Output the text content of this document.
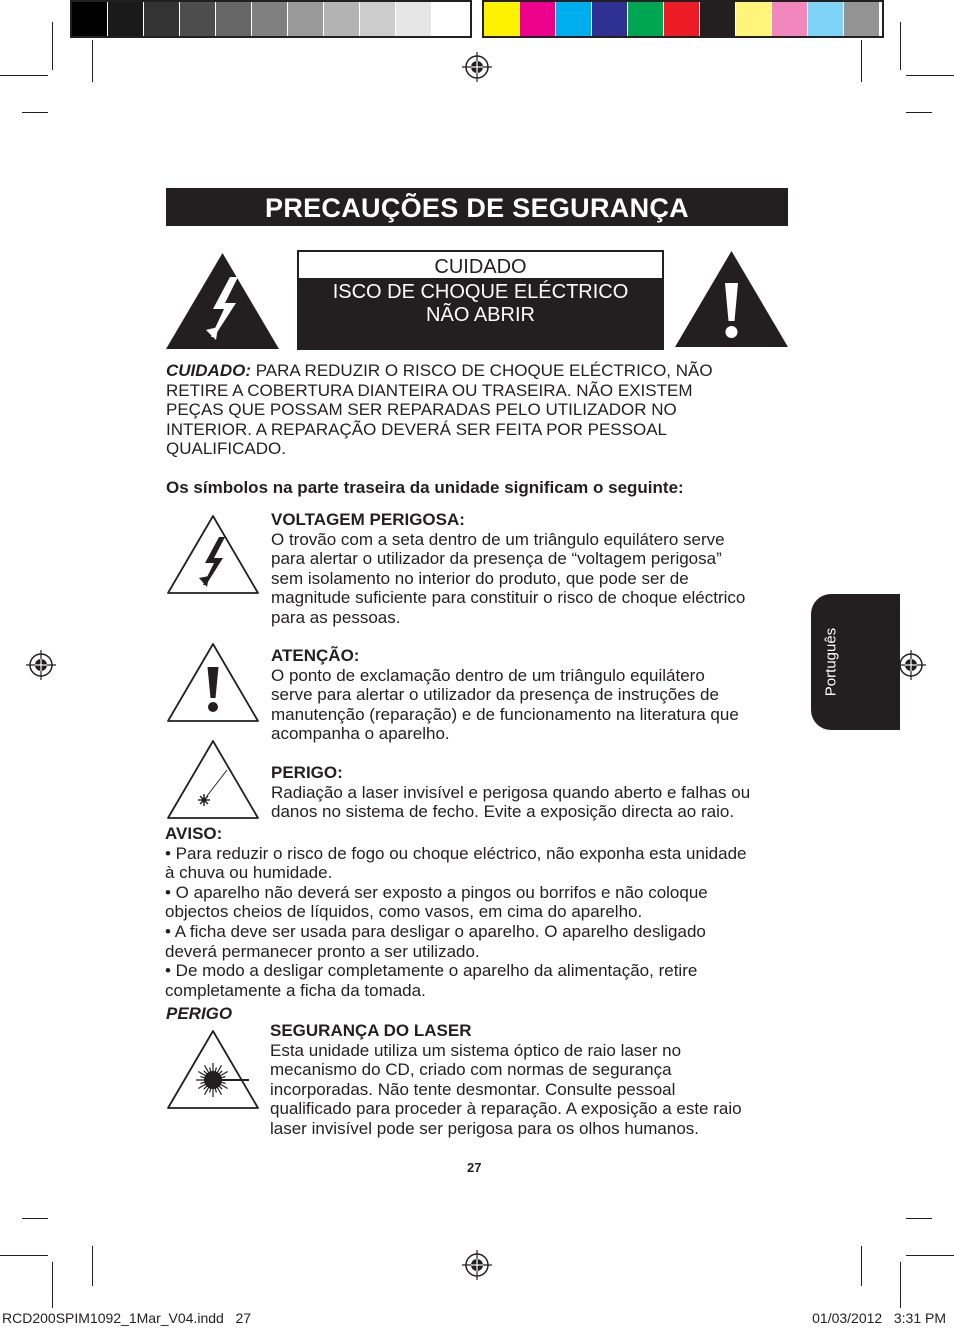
PRECAUÇÕES DE SEGURANÇA
CUIDADO
ISCO DE CHOQUE ELÉCTRICO
NÃO ABRIR
CUIDADO: PARA REDUZIR O RISCO DE CHOQUE ELÉCTRICO, NÃO
RETIRE A COBERTURA DIANTEIRA OU TRASEIRA. NÃO EXISTEM
PEÇAS QUE POSSAM SER REPARADAS PELO UTILIZADOR NO
INTERIOR. A REPARAÇÃO DEVERÁ SER FEITA POR PESSOAL
QUALIFICADO.
Os símbolos na parte traseira da unidade significam o seguinte:
VOLTAGEM PERIGOSA:
O trovão com a seta dentro de um triângulo equilátero serve
para alertar o utilizador da presença de “voltagem perigosa”
sem isolamento no interior do produto, que pode ser de
magnitude suficiente para constituir o risco de choque eléctrico
para as pessoas.
ATENÇÃO:
O ponto de exclamação dentro de um triângulo equilátero
serve para alertar o utilizador da presença de instruções de
manutenção (reparação) e de funcionamento na literatura que
acompanha o aparelho.
PERIGO:
Radiação a laser invisível e perigosa quando aberto e falhas ou
danos no sistema de fecho. Evite a exposição directa ao raio.
AVISO:
• Para reduzir o risco de fogo ou choque eléctrico, não exponha esta unidade
à chuva ou humidade.
• O aparelho não deverá ser exposto a pingos ou borrifos e não coloque
objectos cheios de líquidos, como vasos, em cima do aparelho.
• A ficha deve ser usada para desligar o aparelho. O aparelho desligado
deverá permanecer pronto a ser utilizado.
• De modo a desligar completamente o aparelho da alimentação, retire
completamente a ficha da tomada.
PERIGO
SEGURANÇA DO LASER
Esta unidade utiliza um sistema óptico de raio laser no
mecanismo do CD, criado com normas de segurança
incorporadas. Não tente desmontar. Consulte pessoal
qualificado para proceder à reparação. A exposição a este raio
laser invisível pode ser perigosa para os olhos humanos.
Português
27
RCD200SPIM1092_1Mar_V04.indd   27	01/03/2012   3:31 PM
